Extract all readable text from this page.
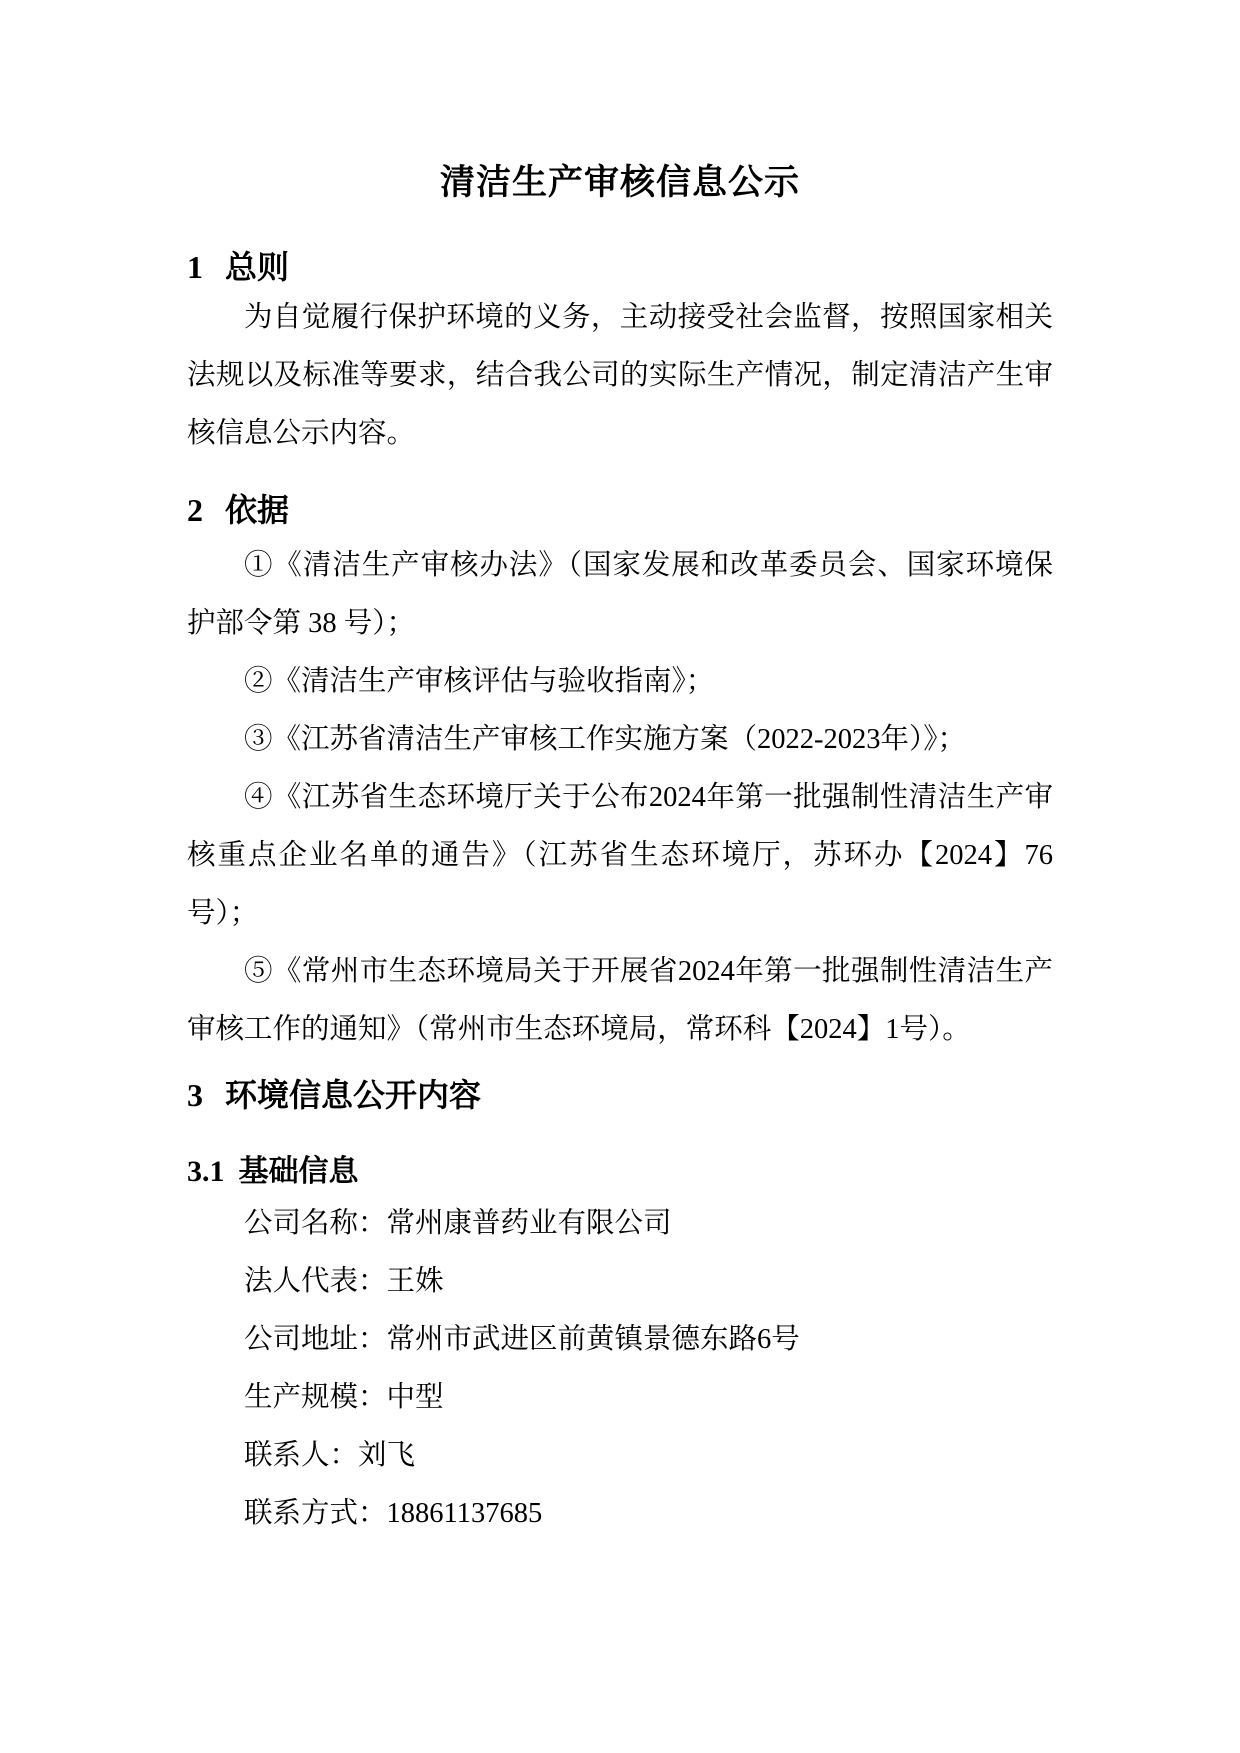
清洁生产审核信息公示
1 总则

为自觉履行保护环境的义务，主动接受社会监督，按照国家相关法规以及标准等要求，结合我公司的实际生产情况，制定清洁产生审核信息公示内容。

2 依据

①《清洁生产审核办法》（国家发展和改革委员会、国家环境保护部令第 38 号）；

②《清洁生产审核评估与验收指南》；

③《江苏省清洁生产审核工作实施方案（2022-2023年）》；

④《江苏省生态环境厅关于公布2024年第一批强制性清洁生产审核重点企业名单的通告》（江苏省生态环境厅，苏环办【2024】76 号）；

⑤《常州市生态环境局关于开展省2024年第一批强制性清洁生产审核工作的通知》（常州市生态环境局，常环科【2024】1号）。

3 环境信息公开内容
3.1 基础信息
公司名称：常州康普药业有限公司
法人代表：王姝
公司地址：常州市武进区前黄镇景德东路6号
生产规模：中型
联系人：刘飞
联系方式：18861137685
